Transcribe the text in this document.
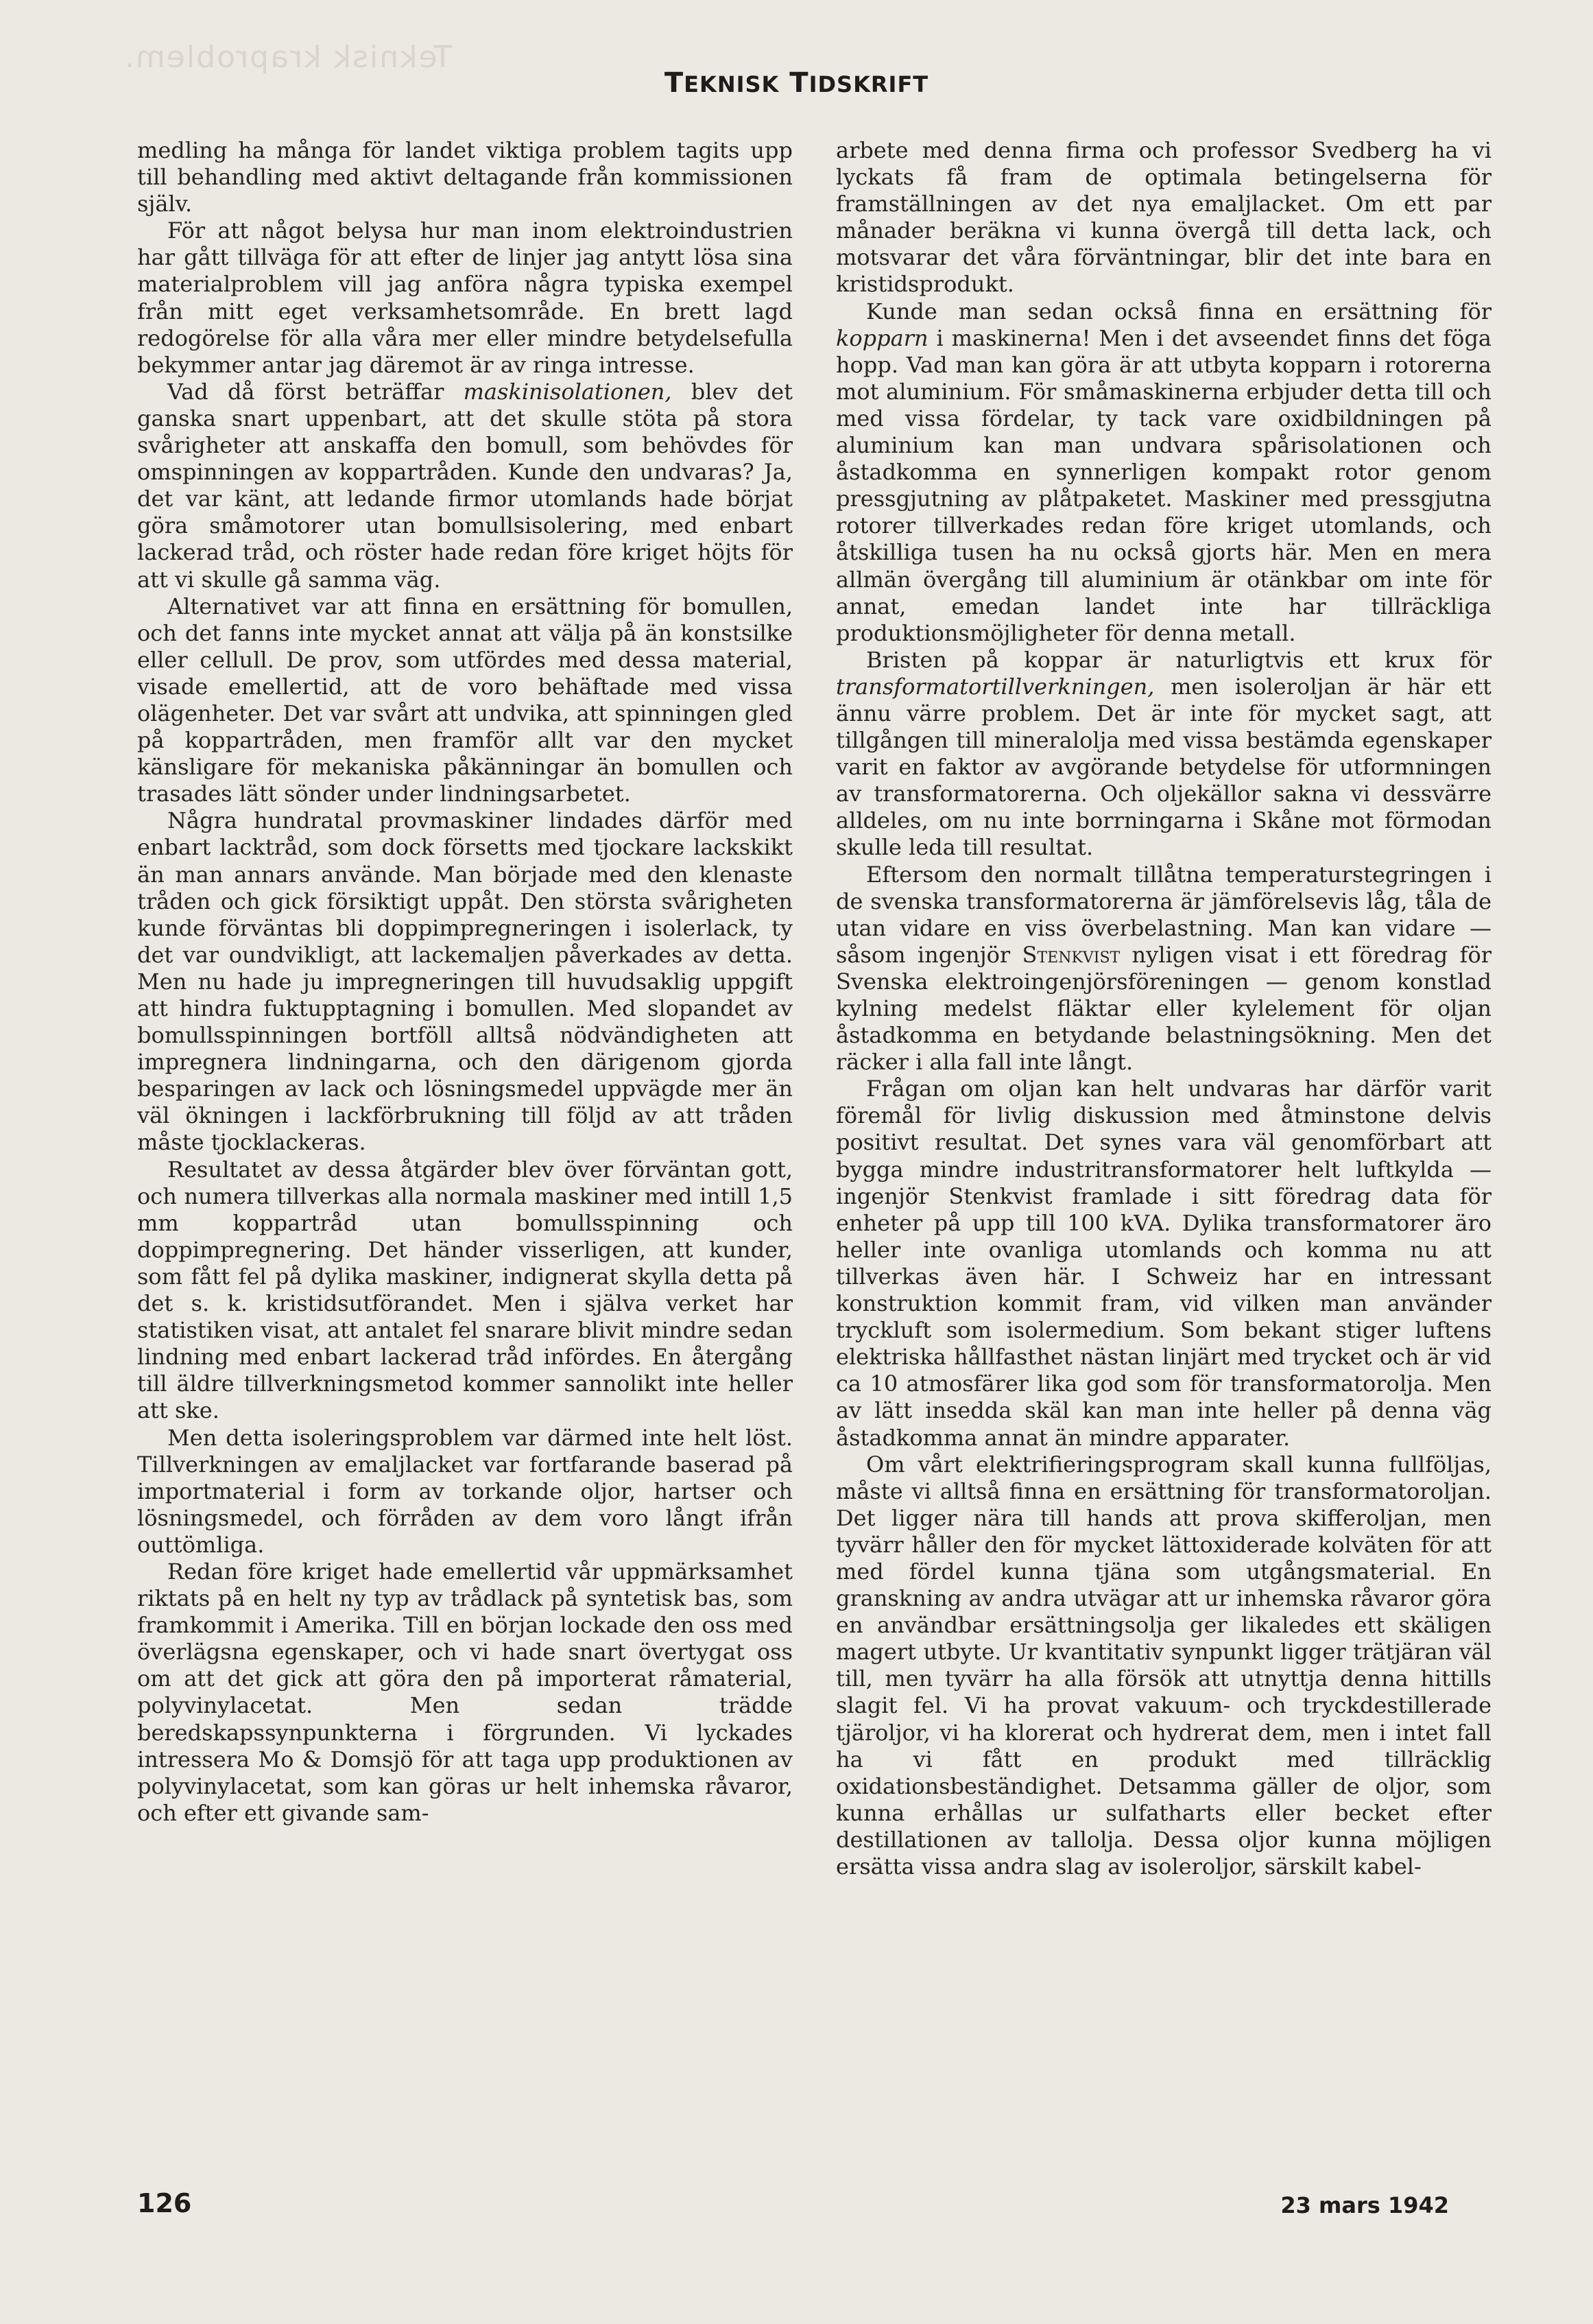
Teknisk kraproblem.
TEKNISK TIDSKRIFT

medling ha många för landet viktiga problem tagits upp till behandling med aktivt deltagande från kommissionen själv.

För att något belysa hur man inom elektroindustrien har gått tillväga för att efter de linjer jag antytt lösa sina materialproblem vill jag anföra några typiska exempel från mitt eget verksamhetsområde. En brett lagd redogörelse för alla våra mer eller mindre betydelsefulla bekymmer antar jag däremot är av ringa intresse.

Vad då först beträffar maskinisolationen, blev det ganska snart uppenbart, att det skulle stöta på stora svårigheter att anskaffa den bomull, som behövdes för omspinningen av koppartråden. Kunde den undvaras? Ja, det var känt, att ledande firmor utomlands hade börjat göra småmotorer utan bomullsisolering, med enbart lackerad tråd, och röster hade redan före kriget höjts för att vi skulle gå samma väg.

Alternativet var att finna en ersättning för bomullen, och det fanns inte mycket annat att välja på än konstsilke eller cellull. De prov, som utfördes med dessa material, visade emellertid, att de voro behäftade med vissa olägenheter. Det var svårt att undvika, att spinningen gled på koppartråden, men framför allt var den mycket känsligare för mekaniska påkänningar än bomullen och trasades lätt sönder under lindningsarbetet.

Några hundratal provmaskiner lindades därför med enbart lacktråd, som dock försetts med tjockare lackskikt än man annars använde. Man började med den klenaste tråden och gick försiktigt uppåt. Den största svårigheten kunde förväntas bli doppimpregneringen i isolerlack, ty det var oundvikligt, att lackemaljen påverkades av detta. Men nu hade ju impregneringen till huvudsaklig uppgift att hindra fuktupptagning i bomullen. Med slopandet av bomullsspinningen bortföll alltså nödvändigheten att impregnera lindningarna, och den därigenom gjorda besparingen av lack och lösningsmedel uppvägde mer än väl ökningen i lackförbrukning till följd av att tråden måste tjocklackeras.

Resultatet av dessa åtgärder blev över förväntan gott, och numera tillverkas alla normala maskiner med intill 1,5 mm koppartråd utan bomullsspinning och doppimpregnering. Det händer visserligen, att kunder, som fått fel på dylika maskiner, indignerat skylla detta på det s. k. kristidsutförandet. Men i själva verket har statistiken visat, att antalet fel snarare blivit mindre sedan lindning med enbart lackerad tråd infördes. En återgång till äldre tillverkningsmetod kommer sannolikt inte heller att ske.

Men detta isoleringsproblem var därmed inte helt löst. Tillverkningen av emaljlacket var fortfarande baserad på importmaterial i form av torkande oljor, hartser och lösningsmedel, och förråden av dem voro långt ifrån outtömliga.

Redan före kriget hade emellertid vår uppmärksamhet riktats på en helt ny typ av trådlack på syntetisk bas, som framkommit i Amerika. Till en början lockade den oss med överlägsna egenskaper, och vi hade snart övertygat oss om att det gick att göra den på importerat råmaterial, polyvinylacetat. Men sedan trädde beredskapssynpunkterna i förgrunden. Vi lyckades intressera Mo & Domsjö för att taga upp produktionen av polyvinylacetat, som kan göras ur helt inhemska råvaror, och efter ett givande sam-

arbete med denna firma och professor Svedberg ha vi lyckats få fram de optimala betingelserna för framställningen av det nya emaljlacket. Om ett par månader beräkna vi kunna övergå till detta lack, och motsvarar det våra förväntningar, blir det inte bara en kristidsprodukt.

Kunde man sedan också finna en ersättning för kopparn i maskinerna! Men i det avseendet finns det föga hopp. Vad man kan göra är att utbyta kopparn i rotorerna mot aluminium. För småmaskinerna erbjuder detta till och med vissa fördelar, ty tack vare oxidbildningen på aluminium kan man undvara spårisolationen och åstadkomma en synnerligen kompakt rotor genom pressgjutning av plåtpaketet. Maskiner med pressgjutna rotorer tillverkades redan före kriget utomlands, och åtskilliga tusen ha nu också gjorts här. Men en mera allmän övergång till aluminium är otänkbar om inte för annat, emedan landet inte har tillräckliga produktionsmöjligheter för denna metall.

Bristen på koppar är naturligtvis ett krux för transformatortillverkningen, men isoleroljan är här ett ännu värre problem. Det är inte för mycket sagt, att tillgången till mineralolja med vissa bestämda egenskaper varit en faktor av avgörande betydelse för utformningen av transformatorerna. Och oljekällor sakna vi dessvärre alldeles, om nu inte borrningarna i Skåne mot förmodan skulle leda till resultat.

Eftersom den normalt tillåtna temperaturstegringen i de svenska transformatorerna är jämförelsevis låg, tåla de utan vidare en viss överbelastning. Man kan vidare — såsom ingenjör Stenkvist nyligen visat i ett föredrag för Svenska elektroingenjörsföreningen — genom konstlad kylning medelst fläktar eller kylelement för oljan åstadkomma en betydande belastningsökning. Men det räcker i alla fall inte långt.

Frågan om oljan kan helt undvaras har därför varit föremål för livlig diskussion med åtminstone delvis positivt resultat. Det synes vara väl genomförbart att bygga mindre industritransformatorer helt luftkylda — ingenjör Stenkvist framlade i sitt föredrag data för enheter på upp till 100 kVA. Dylika transformatorer äro heller inte ovanliga utomlands och komma nu att tillverkas även här. I Schweiz har en intressant konstruktion kommit fram, vid vilken man använder tryckluft som isolermedium. Som bekant stiger luftens elektriska hållfasthet nästan linjärt med trycket och är vid ca 10 atmosfärer lika god som för transformatorolja. Men av lätt insedda skäl kan man inte heller på denna väg åstadkomma annat än mindre apparater.

Om vårt elektrifieringsprogram skall kunna fullföljas, måste vi alltså finna en ersättning för transformatoroljan. Det ligger nära till hands att prova skifferoljan, men tyvärr håller den för mycket lättoxiderade kolväten för att med fördel kunna tjäna som utgångsmaterial. En granskning av andra utvägar att ur inhemska råvaror göra en användbar ersättningsolja ger likaledes ett skäligen magert utbyte. Ur kvantitativ synpunkt ligger trätjäran väl till, men tyvärr ha alla försök att utnyttja denna hittills slagit fel. Vi ha provat vakuum- och tryckdestillerade tjäroljor, vi ha klorerat och hydrerat dem, men i intet fall ha vi fått en produkt med tillräcklig oxidationsbeständighet. Detsamma gäller de oljor, som kunna erhållas ur sulfatharts eller becket efter destillationen av tallolja. Dessa oljor kunna möjligen ersätta vissa andra slag av isoleroljor, särskilt kabel-

126	23 mars 1942
